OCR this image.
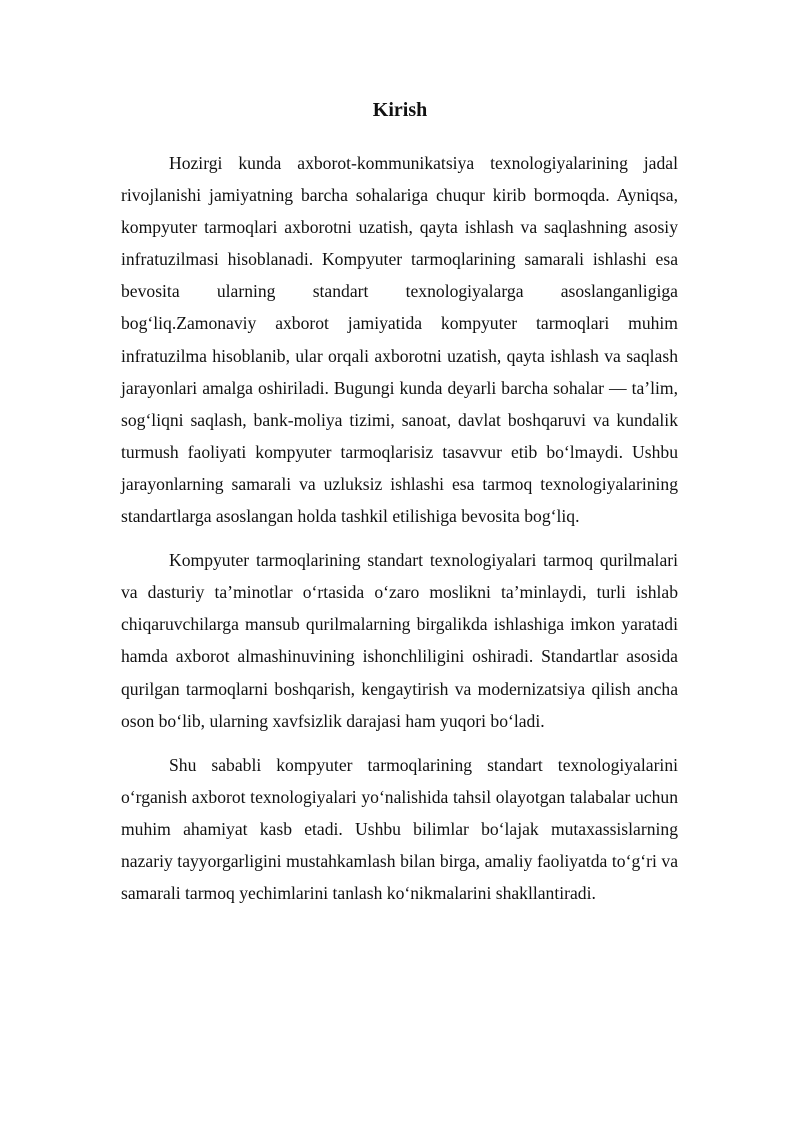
Kirish

Hozirgi kunda axborot-kommunikatsiya texnologiyalarining jadal rivojlanishi jamiyatning barcha sohalariga chuqur kirib bormoqda. Ayniqsa, kompyuter tarmoqlari axborotni uzatish, qayta ishlash va saqlashning asosiy infratuzilmasi hisoblanadi. Kompyuter tarmoqlarining samarali ishlashi esa bevosita ularning standart texnologiyalarga asoslanganligiga bog‘liq.Zamonaviy axborot jamiyatida kompyuter tarmoqlari muhim infratuzilma hisoblanib, ular orqali axborotni uzatish, qayta ishlash va saqlash jarayonlari amalga oshiriladi. Bugungi kunda deyarli barcha sohalar — ta’lim, sog‘liqni saqlash, bank-moliya tizimi, sanoat, davlat boshqaruvi va kundalik turmush faoliyati kompyuter tarmoqlarisiz tasavvur etib bo‘lmaydi. Ushbu jarayonlarning samarali va uzluksiz ishlashi esa tarmoq texnologiyalarining standartlarga asoslangan holda tashkil etilishiga bevosita bog‘liq.

Kompyuter tarmoqlarining standart texnologiyalari tarmoq qurilmalari va dasturiy ta’minotlar o‘rtasida o‘zaro moslikni ta’minlaydi, turli ishlab chiqaruvchilarga mansub qurilmalarning birgalikda ishlashiga imkon yaratadi hamda axborot almashinuvining ishonchliligini oshiradi. Standartlar asosida qurilgan tarmoqlarni boshqarish, kengaytirish va modernizatsiya qilish ancha oson bo‘lib, ularning xavfsizlik darajasi ham yuqori bo‘ladi.

Shu sababli kompyuter tarmoqlarining standart texnologiyalarini o‘rganish axborot texnologiyalari yo‘nalishida tahsil olayotgan talabalar uchun muhim ahamiyat kasb etadi. Ushbu bilimlar bo‘lajak mutaxassislarning nazariy tayyorgarligini mustahkamlash bilan birga, amaliy faoliyatda to‘g‘ri va samarali tarmoq yechimlarini tanlash ko‘nikmalarini shakllantiradi.
